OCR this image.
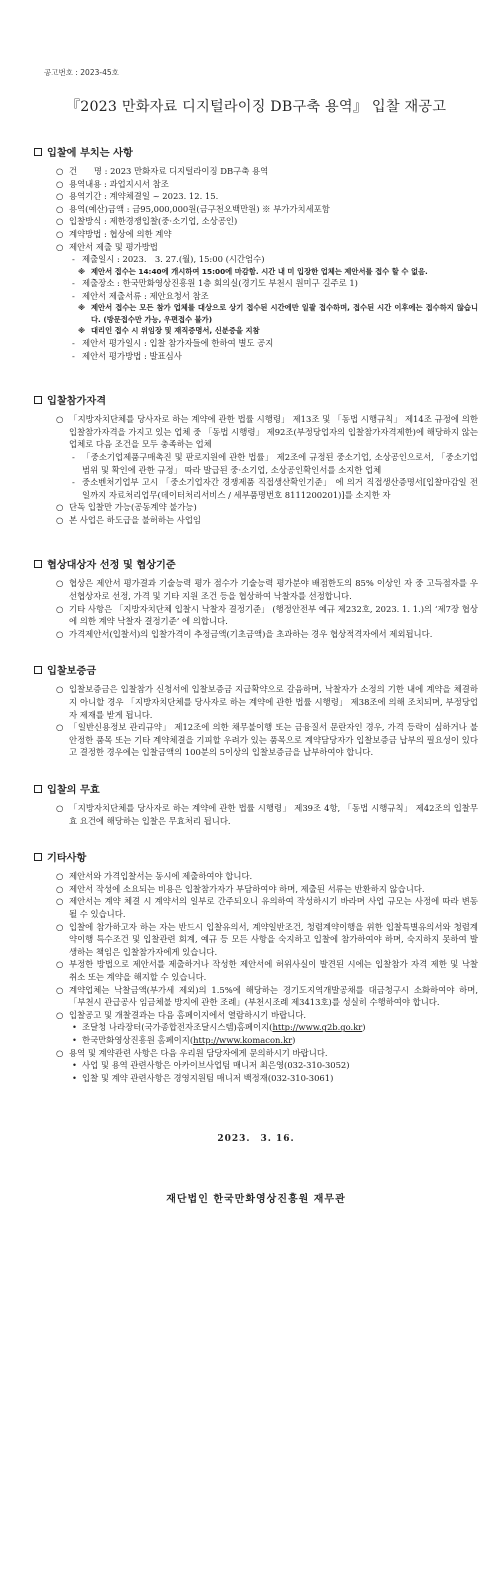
공고번호 : 2023-45호
『2023 만화자료 디지털라이징 DB구축 용역』 입찰 재공고
입찰에 부치는 사항
○ 건　　명 : 2023 만화자료 디지털라이징 DB구축 용역
○ 용역내용 : 과업지시서 참조
○ 용역기간 : 계약체결일 ~ 2023. 12. 15.
○ 용역(예산)금액 : 금95,000,000원(금구천오백만원) ※ 부가가치세포함
○ 입찰방식 : 제한경쟁입찰(중·소기업, 소상공인)
○ 계약방법 : 협상에 의한 계약
○ 제안서 제출 및 평가방법
- 제출일시 : 2023.　3. 27.(월), 15:00 (시간엄수)
※ 제안서 접수는 14:40에 개시하여 15:00에 마감함. 시간 내 미 입장한 업체는 제안서를 접수 할 수 없음.
- 제출장소 : 한국만화영상진흥원 1층 회의실(경기도 부천시 원미구 길주로 1)
- 제안서 제출서류 : 제안요청서 참조
※ 제안서 접수는 모든 참가 업체를 대상으로 상기 접수된 시간에만 일괄 접수하며, 접수된 시간 이후에는 접수하지 않습니다. (방문접수만 가능, 우편접수 불가)
※ 대리인 접수 시 위임장 및 재직증명서, 신분증을 지참
- 제안서 평가일시 : 입찰 참가자들에 한하여 별도 공지
- 제안서 평가방법 : 발표심사
입찰참가자격
○ 「지방자치단체를 당사자로 하는 계약에 관한 법률 시행령」 제13조 및 「동법 시행규칙」 제14조 규정에 의한 입찰참가자격을 가지고 있는 업체 중 「동법 시행령」 제92조(부정당업자의 입찰참가자격제한)에 해당하지 않는 업체로 다음 조건을 모두 충족하는 업체
- 「중소기업제품구매촉진 및 판로지원에 관한 법률」 제2조에 규정된 중소기업, 소상공인으로서, 「중소기업 범위 및 확인에 관한 규정」 따라 발급된 중·소기업, 소상공인확인서를 소지한 업체
- 중소벤처기업부 고시 「중소기업자간 경쟁제품 직접생산확인기준」 에 의거 직접생산증명서[입찰마감일 전일까지 자료처리업무(데이터처리서비스 / 세부품명번호 8111200201)]를 소지한 자
○ 단독 입찰만 가능(공동계약 불가능)
○ 본 사업은 하도급을 불허하는 사업임
협상대상자 선정 및 협상기준
○ 협상은 제안서 평가결과 기술능력 평가 점수가 기술능력 평가분야 배점한도의 85% 이상인 자 중 고득점자를 우선협상자로 선정, 가격 및 기타 지원 조건 등을 협상하여 낙찰자를 선정합니다.
○ 기타 사항은 「지방자치단체 입찰시 낙찰자 결정기준」 (행정안전부 예규 제232호, 2023. 1. 1.)의 ‘제7장 협상에 의한 계약 낙찰자 결정기준’ 에 의합니다.
○ 가격제안서(입찰서)의 입찰가격이 추정금액(기초금액)을 초과하는 경우 협상적격자에서 제외됩니다.
입찰보증금
○ 입찰보증금은 입찰참가 신청서에 입찰보증금 지급확약으로 갈음하며, 낙찰자가 소정의 기한 내에 계약을 체결하지 아니할 경우 「지방자치단체를 당사자로 하는 계약에 관한 법률 시행령」 제38조에 의해 조치되며, 부정당업자 제재를 받게 됩니다.
○ 「일반신용정보 관리규약」 제12조에 의한 채무불이행 또는 금융질서 문란자인 경우, 가격 등락이 심하거나 불안정한 품목 또는 기타 계약체결을 기피할 우려가 있는 품목으로 계약담당자가 입찰보증금 납부의 필요성이 있다고 결정한 경우에는 입찰금액의 100분의 5이상의 입찰보증금을 납부하여야 합니다.
입찰의 무효
○ 「지방자치단체를 당사자로 하는 계약에 관한 법률 시행령」 제39조 4항, 「동법 시행규칙」 제42조의 입찰무효 요건에 해당하는 입찰은 무효처리 됩니다.
기타사항
○ 제안서와 가격입찰서는 동시에 제출하여야 합니다.
○ 제안서 작성에 소요되는 비용은 입찰참가자가 부담하여야 하며, 제출된 서류는 반환하지 않습니다.
○ 제안서는 계약 체결 시 계약서의 일부로 간주되오니 유의하여 작성하시기 바라며 사업 규모는 사정에 따라 변동될 수 있습니다.
○ 입찰에 참가하고자 하는 자는 반드시 입찰유의서, 계약일반조건, 청렴계약이행을 위한 입찰특별유의서와 청렴계약이행 특수조건 및 입찰관련 회계, 예규 등 모든 사항을 숙지하고 입찰에 참가하여야 하며, 숙지하지 못하여 발생하는 책임은 입찰참가자에게 있습니다.
○ 부정한 방법으로 제안서를 제출하거나 작성한 제안서에 허위사실이 발견된 시에는 입찰참가 자격 제한 및 낙찰 취소 또는 계약을 해지할 수 있습니다.
○ 계약업체는 낙찰금액(부가세 제외)의 1.5%에 해당하는 경기도지역개발공채를 대금청구시 소화하여야 하며, 「부천시 관급공사 임금체불 방지에 관한 조례」(부천시조례 제3413호)를 성실히 수행하여야 합니다.
○ 입찰공고 및 개찰결과는 다음 홈페이지에서 열람하시기 바랍니다.
• 조달청 나라장터(국가종합전자조달시스템)홈페이지(http://www.g2b.go.kr)
• 한국만화영상진흥원 홈페이지(http://www.komacon.kr)
○ 용역 및 계약관련 사항은 다음 우리원 담당자에게 문의하시기 바랍니다.
• 사업 및 용역 관련사항은 아카이브사업팀 매니저 최은영(032-310-3052)
• 입찰 및 계약 관련사항은 경영지원팀 매니저 백정재(032-310-3061)
2023.　3. 16.
재단법인 한국만화영상진흥원 재무관
